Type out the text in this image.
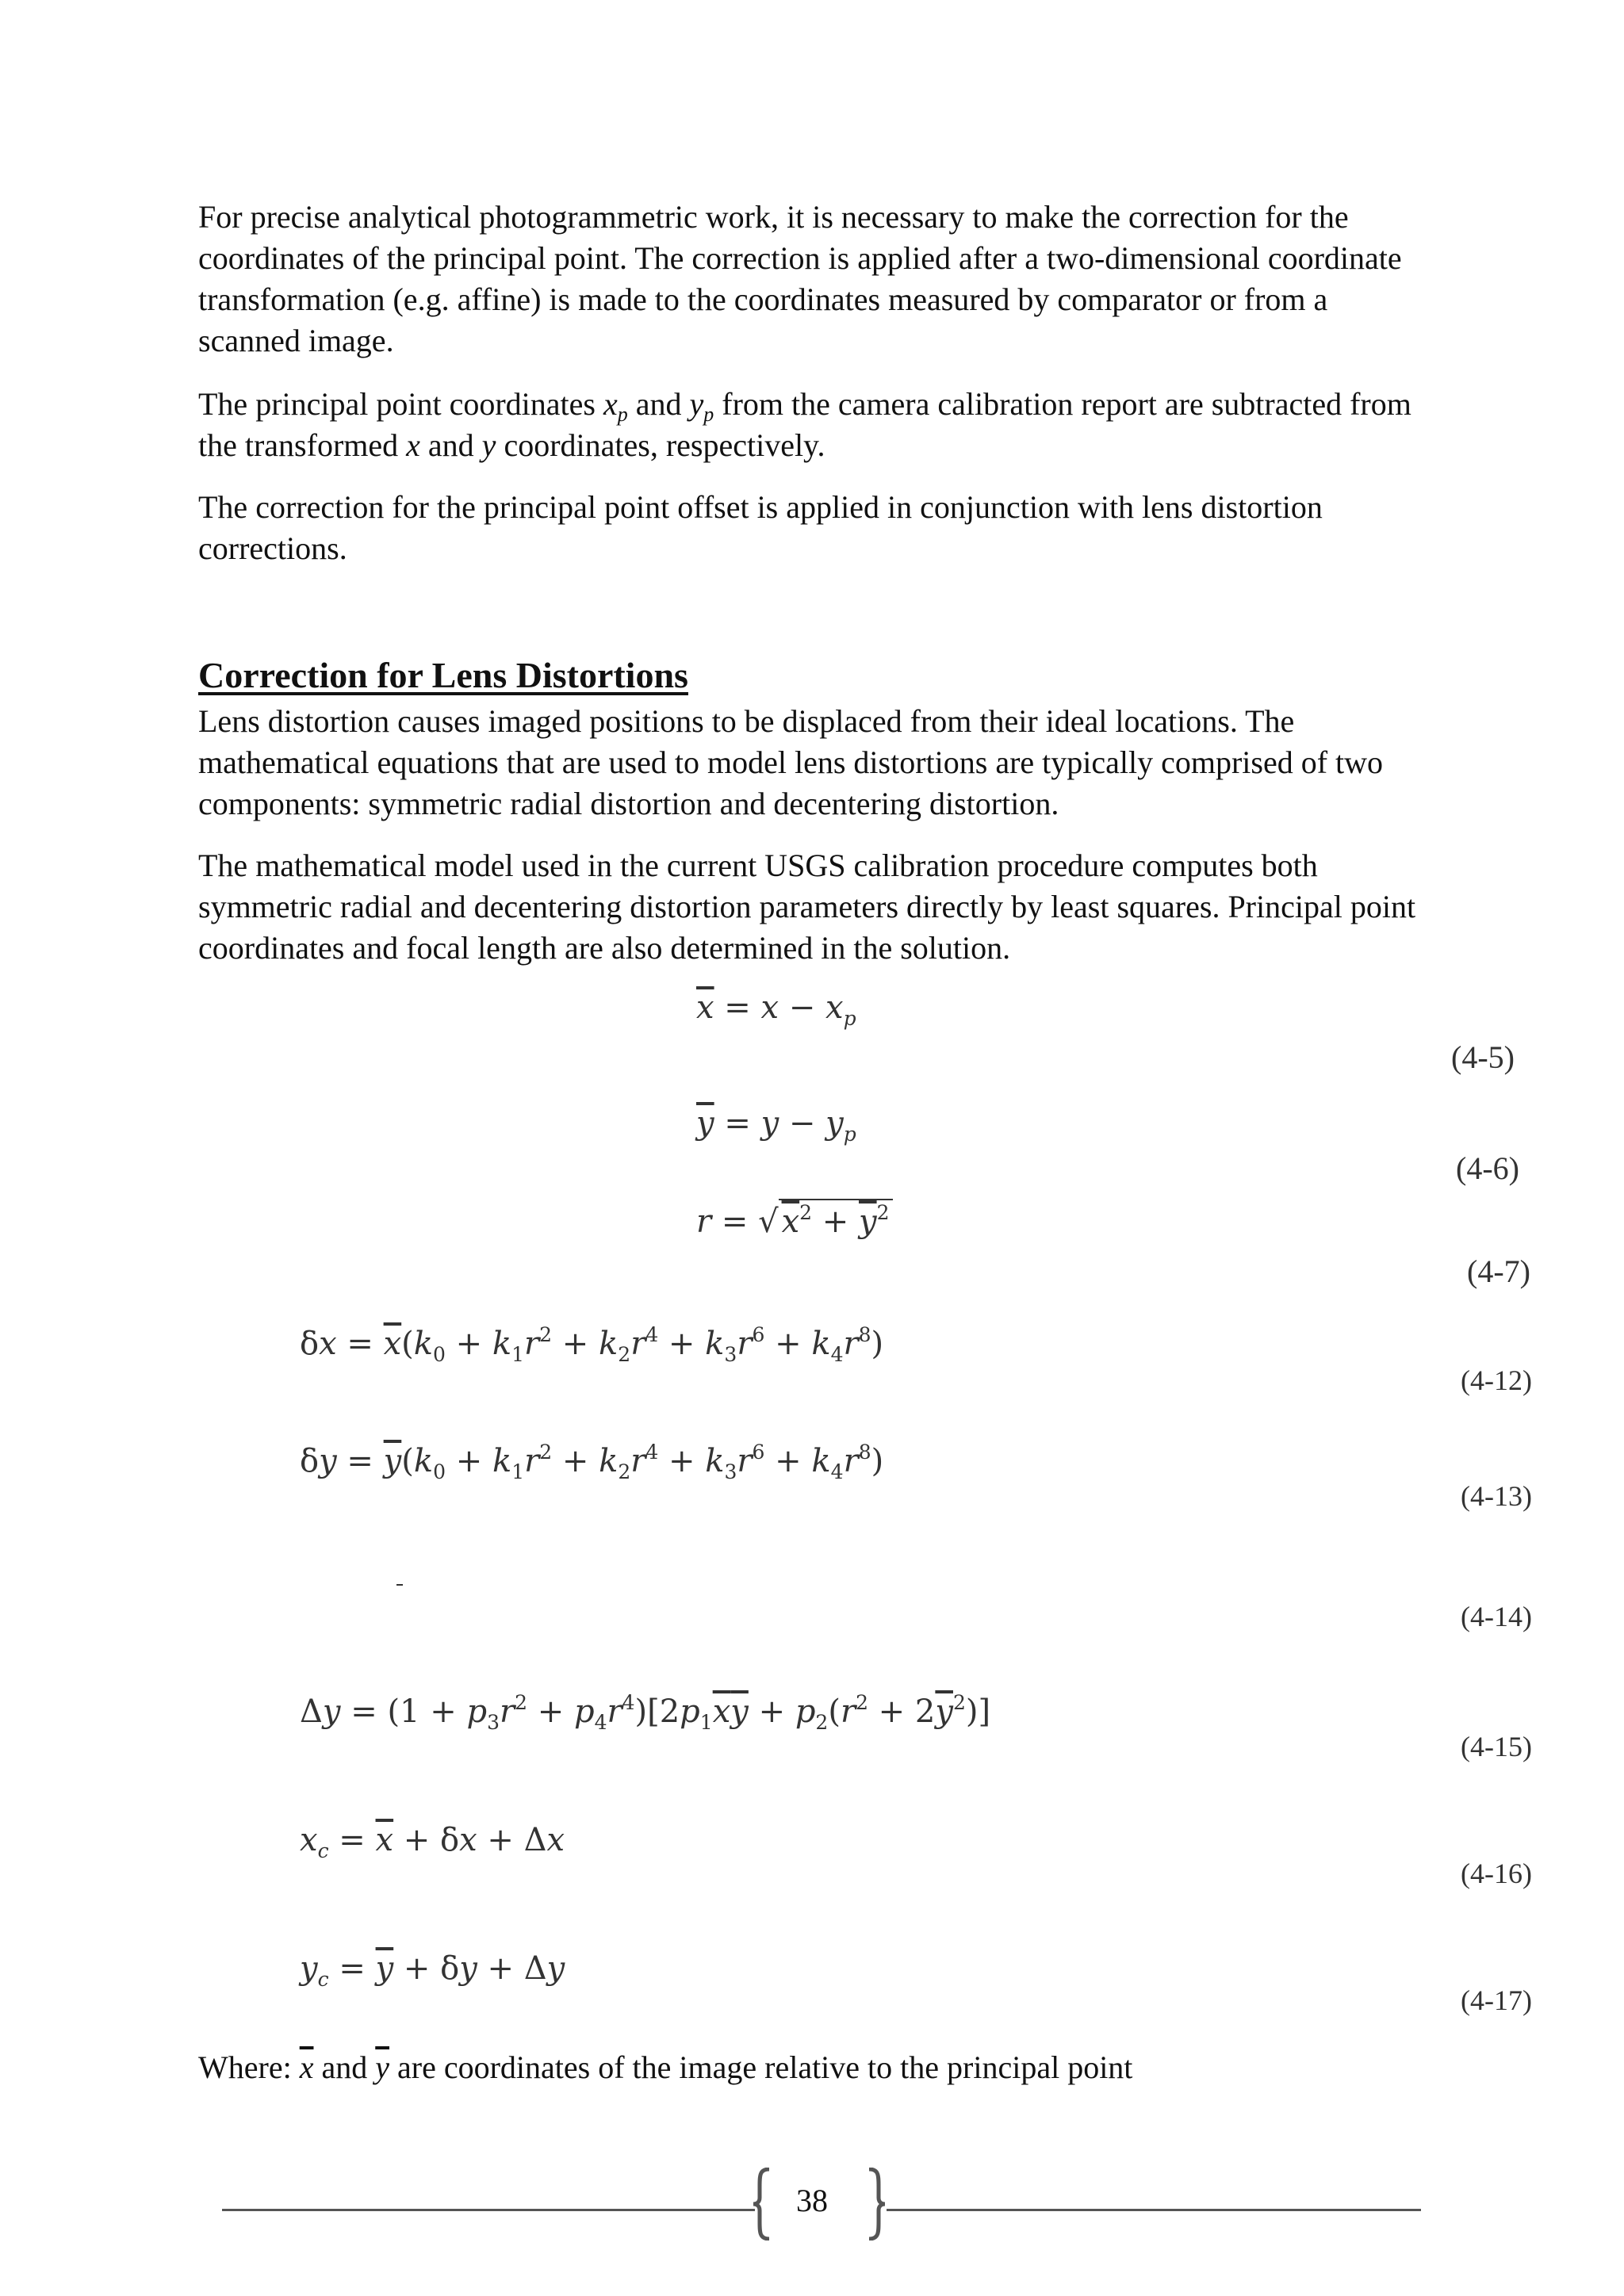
For precise analytical photogrammetric work, it is necessary to make the correction for the coordinates of the principal point. The correction is applied after a two-dimensional coordinate transformation (e.g. affine) is made to the coordinates measured by comparator or from a scanned image.

The principal point coordinates $x_p$ and $y_p$ from the camera calibration report are subtracted from the transformed x and y coordinates, respectively.

The correction for the principal point offset is applied in conjunction with lens distortion corrections.

Correction for Lens Distortions

Lens distortion causes imaged positions to be displaced from their ideal locations. The mathematical equations that are used to model lens distortions are typically comprised of two components: symmetric radial distortion and decentering distortion.

The mathematical model used in the current USGS calibration procedure computes both symmetric radial and decentering distortion parameters directly by least squares. Principal point coordinates and focal length are also determined in the solution.

$\overline{x} = x - x_p$
(4-5)
$\overline{y} = y - y_p$
(4-6)
r = √ $x^2 + \overline{y}^2$
(4-7)
$\delta x = \overline{x}(k_0 + k_1r^2 + k_2r^4 + k_3r^6 + k_4r^8)$
(4-12)
$\delta y = \overline{y}(k_0 + k_1r^2 + k_2r^4 + k_3r^6 + k_4r^8)$
(4-13)
(4-14)
$\Delta y = (1 + p_3r^2 + p_4r^4)[2p_1\overline{x}\overline{y} + p_2(r^2 + 2\overline{y}^2)]$
(4-15)
$x_c = \overline{x} + \delta x + \Delta x$
(4-16)
$y_c = \overline{y} + \delta y + \Delta y$
(4-17)

Where: $\overline{x}$ and $\overline{y}$ are coordinates of the image relative to the principal point

38
